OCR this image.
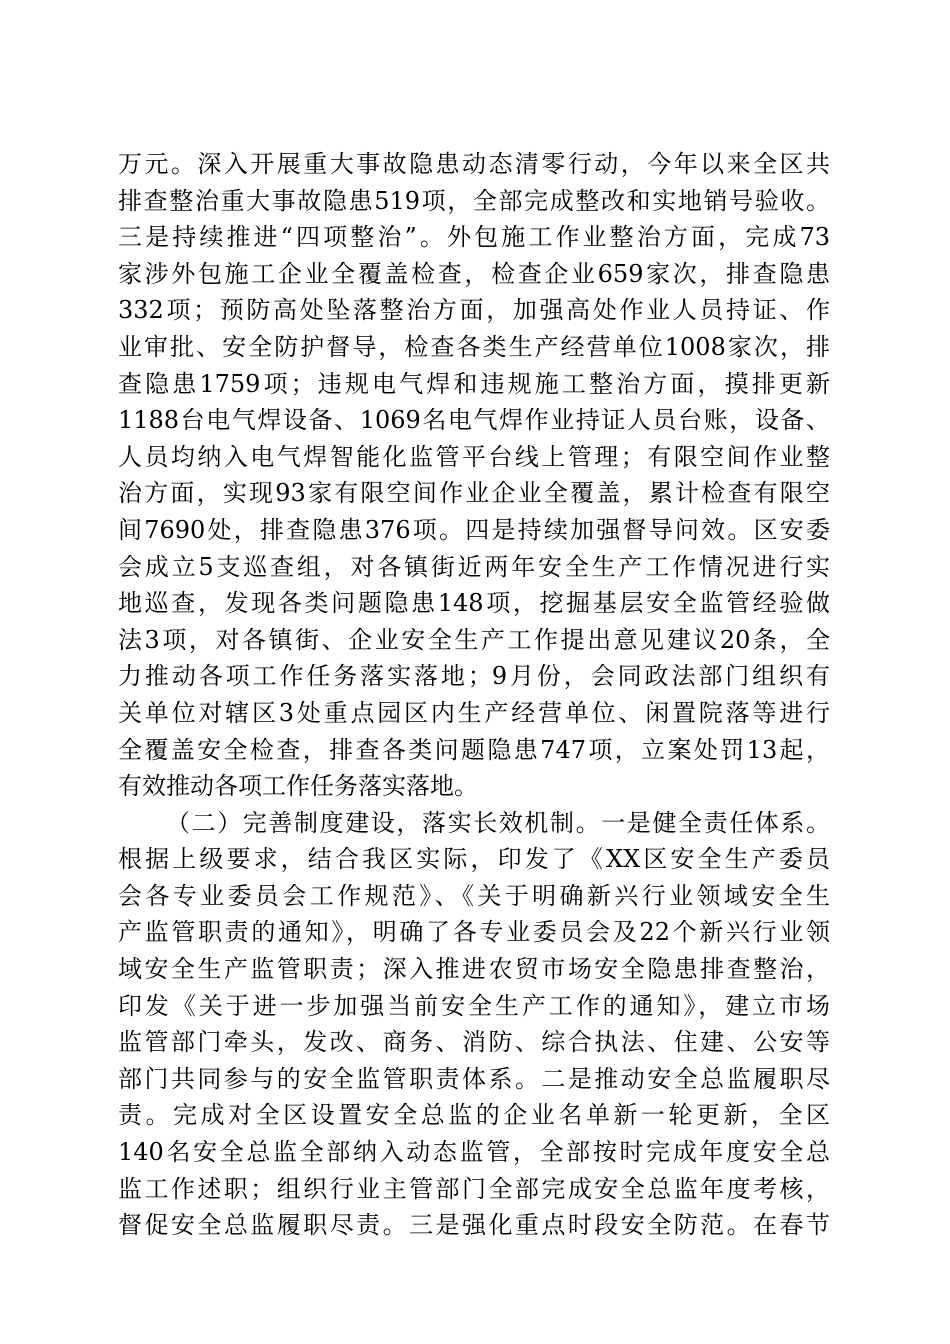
万元。深入开展重大事故隐患动态清零行动，今年以来全区共
排查整治重大事故隐患519项，全部完成整改和实地销号验收。
三是持续推进“四项整治”。外包施工作业整治方面，完成73
家涉外包施工企业全覆盖检查，检查企业659家次，排查隐患
332项；预防高处坠落整治方面，加强高处作业人员持证、作
业审批、安全防护督导，检查各类生产经营单位1008家次，排
查隐患1759项；违规电气焊和违规施工整治方面，摸排更新
1188台电气焊设备、1069名电气焊作业持证人员台账，设备、
人员均纳入电气焊智能化监管平台线上管理；有限空间作业整
治方面，实现93家有限空间作业企业全覆盖，累计检查有限空
间7690处，排查隐患376项。四是持续加强督导问效。区安委
会成立5支巡查组，对各镇街近两年安全生产工作情况进行实
地巡查，发现各类问题隐患148项，挖掘基层安全监管经验做
法3项，对各镇街、企业安全生产工作提出意见建议20条，全
力推动各项工作任务落实落地；9月份，会同政法部门组织有
关单位对辖区3处重点园区内生产经营单位、闲置院落等进行
全覆盖安全检查，排查各类问题隐患747项，立案处罚13起，
有效推动各项工作任务落实落地。
（二）完善制度建设，落实长效机制。一是健全责任体系。
根据上级要求，结合我区实际，印发了《XX区安全生产委员
会各专业委员会工作规范》、《关于明确新兴行业领域安全生
产监管职责的通知》，明确了各专业委员会及22个新兴行业领
域安全生产监管职责；深入推进农贸市场安全隐患排查整治，
印发《关于进一步加强当前安全生产工作的通知》，建立市场
监管部门牵头，发改、商务、消防、综合执法、住建、公安等
部门共同参与的安全监管职责体系。二是推动安全总监履职尽
责。完成对全区设置安全总监的企业名单新一轮更新，全区
140名安全总监全部纳入动态监管，全部按时完成年度安全总
监工作述职；组织行业主管部门全部完成安全总监年度考核，
督促安全总监履职尽责。三是强化重点时段安全防范。在春节
